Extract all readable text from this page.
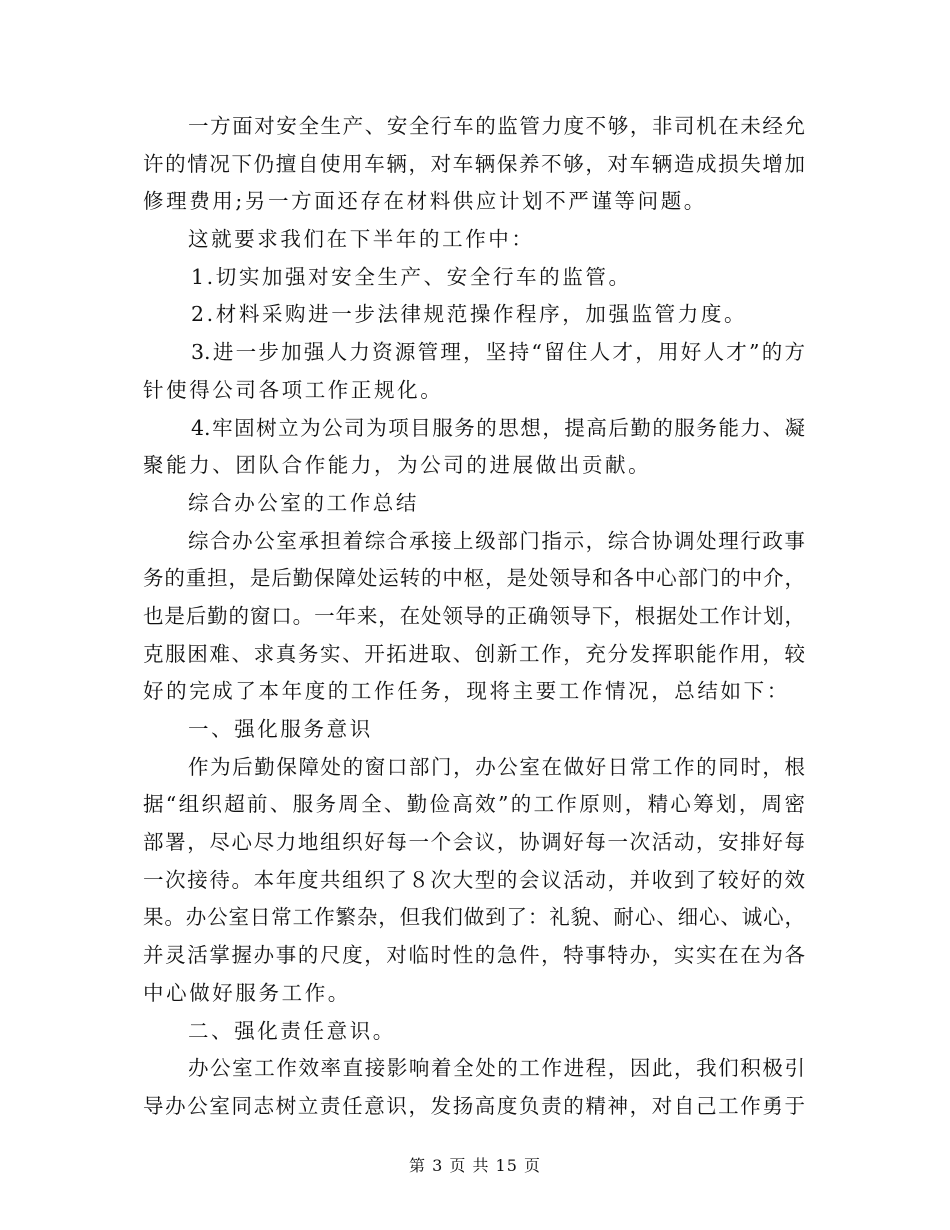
一方面对安全生产、安全行车的监管力度不够，非司机在未经允
许的情况下仍擅自使用车辆，对车辆保养不够，对车辆造成损失增加
修理费用;另一方面还存在材料供应计划不严谨等问题。
这就要求我们在下半年的工作中：
1.切实加强对安全生产、安全行车的监管。
2.材料采购进一步法律规范操作程序，加强监管力度。
3.进一步加强人力资源管理，坚持“留住人才，用好人才”的方
针使得公司各项工作正规化。
4.牢固树立为公司为项目服务的思想，提高后勤的服务能力、凝
聚能力、团队合作能力，为公司的进展做出贡献。
综合办公室的工作总结
综合办公室承担着综合承接上级部门指示，综合协调处理行政事
务的重担，是后勤保障处运转的中枢，是处领导和各中心部门的中介，
也是后勤的窗口。一年来，在处领导的正确领导下，根据处工作计划，
克服困难、求真务实、开拓进取、创新工作，充分发挥职能作用，较
好的完成了本年度的工作任务，现将主要工作情况，总结如下：
一、强化服务意识
作为后勤保障处的窗口部门，办公室在做好日常工作的同时，根
据“组织超前、服务周全、勤俭高效”的工作原则，精心筹划，周密
部署，尽心尽力地组织好每一个会议，协调好每一次活动，安排好每
一次接待。本年度共组织了８次大型的会议活动，并收到了较好的效
果。办公室日常工作繁杂，但我们做到了：礼貌、耐心、细心、诚心，
并灵活掌握办事的尺度，对临时性的急件，特事特办，实实在在为各
中心做好服务工作。
二、强化责任意识。
办公室工作效率直接影响着全处的工作进程，因此，我们积极引
导办公室同志树立责任意识，发扬高度负责的精神，对自己工作勇于
第 3 页 共 15 页
